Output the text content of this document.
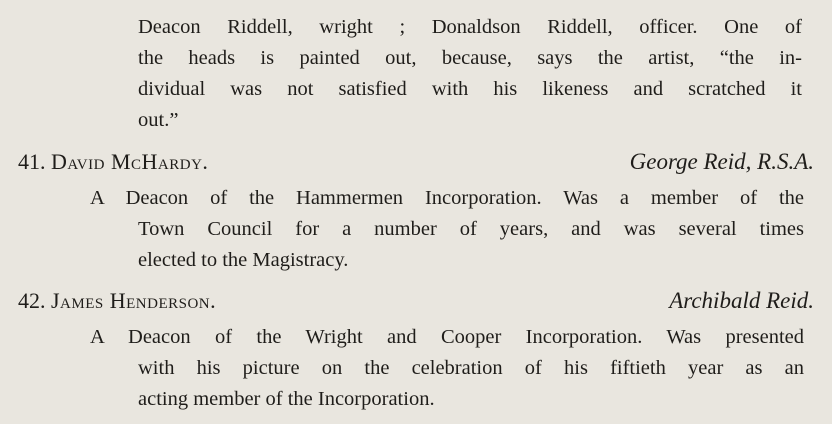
Deacon Riddell, wright ; Donaldson Riddell, officer. One of
the heads is painted out, because, says the artist, “the in-
dividual was not satisfied with his likeness and scratched it
out.”
41. David McHardy.	George Reid, R.S.A.
A Deacon of the Hammermen Incorporation. Was a member of the
Town Council for a number of years, and was several times
elected to the Magistracy.
42. James Henderson.	Archibald Reid.
A Deacon of the Wright and Cooper Incorporation. Was presented
with his picture on the celebration of his fiftieth year as an
acting member of the Incorporation.
